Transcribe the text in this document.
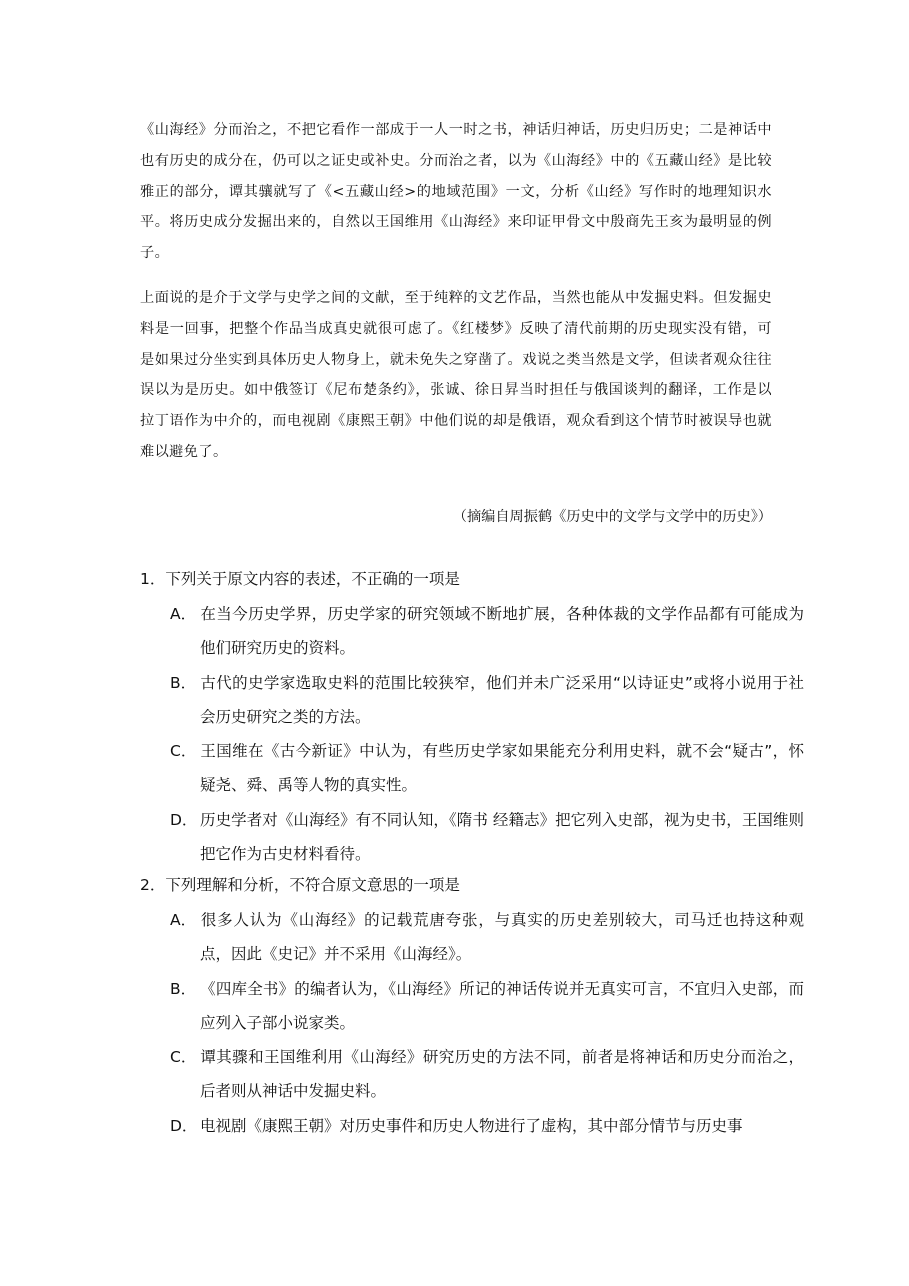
《山海经》分而治之，不把它看作一部成于一人一时之书，神话归神话，历史归历史；二是神话中也有历史的成分在，仍可以之证史或补史。分而治之者，以为《山海经》中的《五藏山经》是比较雅正的部分，谭其骧就写了《<五藏山经>的地域范围》一文，分析《山经》写作时的地理知识水平。将历史成分发掘出来的，自然以王国维用《山海经》来印证甲骨文中殷商先王亥为最明显的例子。

上面说的是介于文学与史学之间的文献，至于纯粹的文艺作品，当然也能从中发掘史料。但发掘史料是一回事，把整个作品当成真史就很可虑了。《红楼梦》反映了清代前期的历史现实没有错，可是如果过分坐实到具体历史人物身上，就未免失之穿凿了。戏说之类当然是文学，但读者观众往往误以为是历史。如中俄签订《尼布楚条约》，张诚、徐日昇当时担任与俄国谈判的翻译，工作是以拉丁语作为中介的，而电视剧《康熙王朝》中他们说的却是俄语，观众看到这个情节时被误导也就难以避免了。

（摘编自周振鹤《历史中的文学与文学中的历史》）

1．下列关于原文内容的表述，不正确的一项是

A． 在当今历史学界，历史学家的研究领域不断地扩展，各种体裁的文学作品都有可能成为他们研究历史的资料。

B． 古代的史学家选取史料的范围比较狭窄，他们并未广泛采用“以诗证史”或将小说用于社会历史研究之类的方法。

C． 王国维在《古今新证》中认为，有些历史学家如果能充分利用史料，就不会“疑古”，怀疑尧、舜、禹等人物的真实性。

D． 历史学者对《山海经》有不同认知，《隋书 经籍志》把它列入史部，视为史书，王国维则把它作为古史材料看待。

2．下列理解和分析，不符合原文意思的一项是

A． 很多人认为《山海经》的记载荒唐夸张，与真实的历史差别较大，司马迁也持这种观点，因此《史记》并不采用《山海经》。

B． 《四库全书》的编者认为，《山海经》所记的神话传说并无真实可言，不宜归入史部，而应列入子部小说家类。

C． 谭其骤和王国维利用《山海经》研究历史的方法不同，前者是将神话和历史分而治之，后者则从神话中发掘史料。

D． 电视剧《康熙王朝》对历史事件和历史人物进行了虚构，其中部分情节与历史事
